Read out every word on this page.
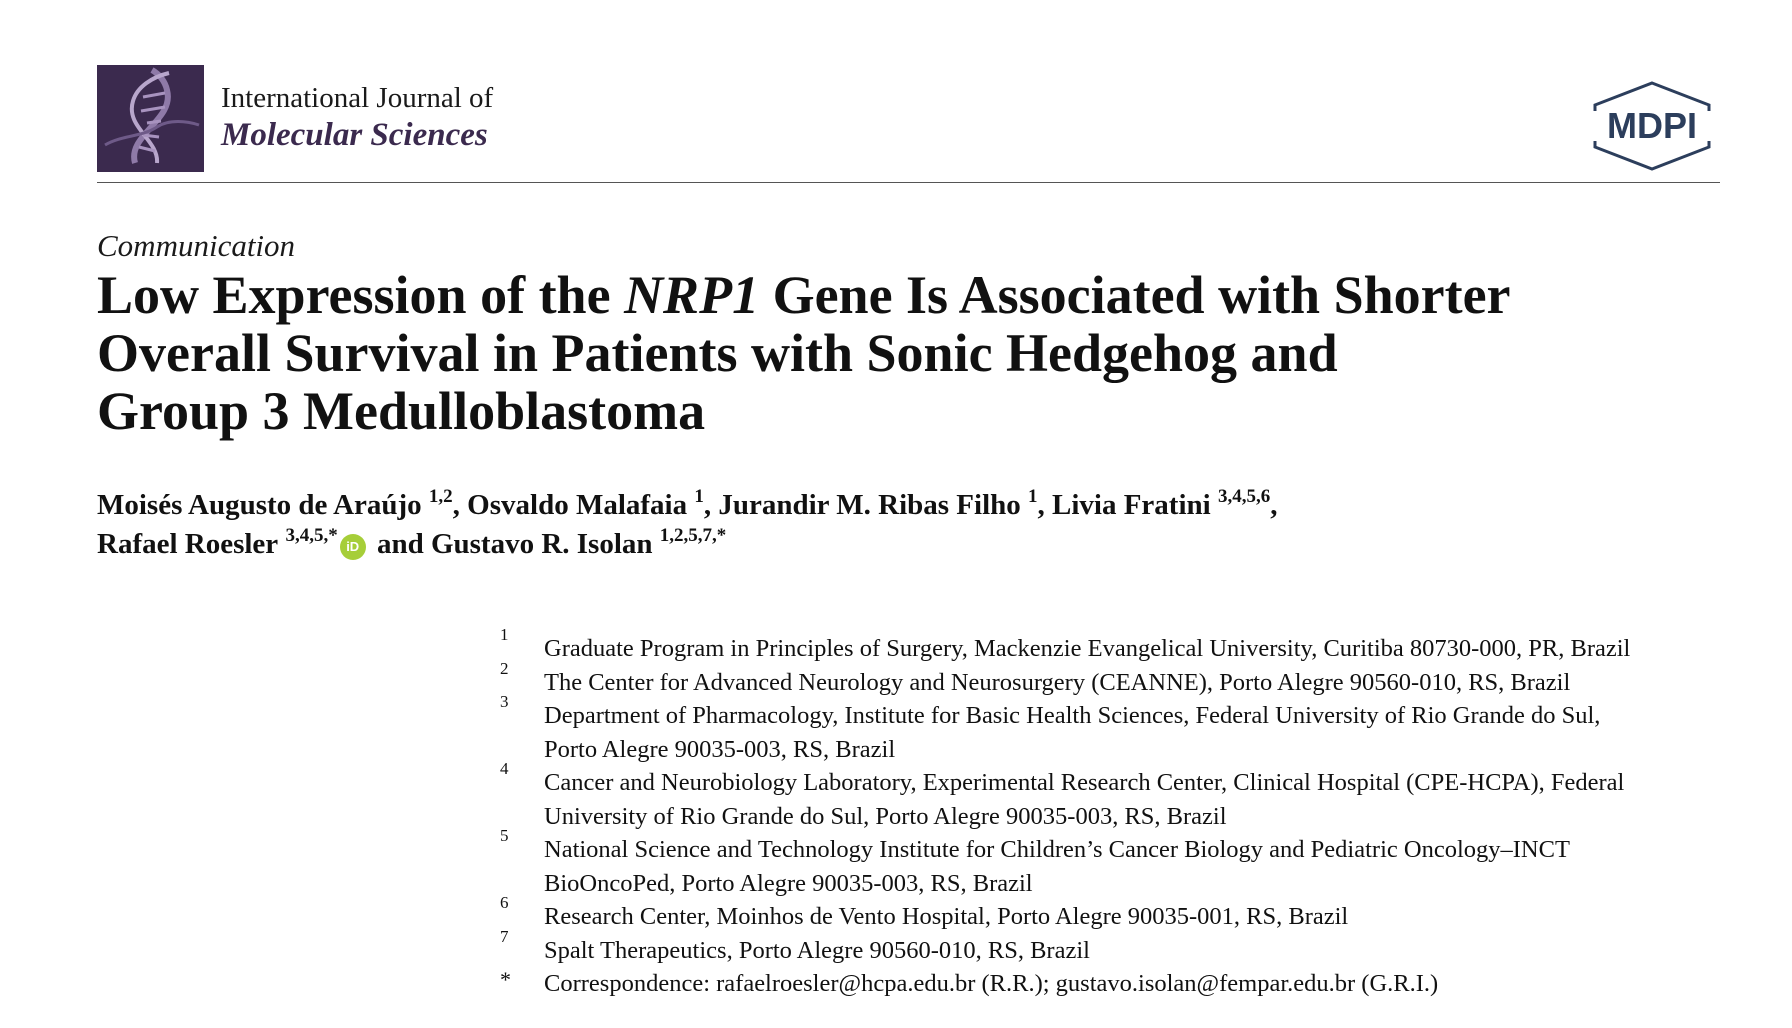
International Journal of
Molecular Sciences	MDPI
Communication
Low Expression of the NRP1 Gene Is Associated with Shorter
Overall Survival in Patients with Sonic Hedgehog and
Group 3 Medulloblastoma
Moisés Augusto de Araújo $^{1,2}$, Osvaldo Malafaia $^1$, Jurandir M. Ribas Filho $^1$, Livia Fratini $^{3,4,5,6}$,
Rafael Roesler $^{3,4,5,*}$iD and Gustavo R. Isolan $^{1,2,5,7,*}$
1
Graduate Program in Principles of Surgery, Mackenzie Evangelical University, Curitiba 80730-000, PR, Brazil
2
The Center for Advanced Neurology and Neurosurgery (CEANNE), Porto Alegre 90560-010, RS, Brazil
3
Department of Pharmacology, Institute for Basic Health Sciences, Federal University of Rio Grande do Sul,
Porto Alegre 90035-003, RS, Brazil
4
Cancer and Neurobiology Laboratory, Experimental Research Center, Clinical Hospital (CPE-HCPA), Federal
University of Rio Grande do Sul, Porto Alegre 90035-003, RS, Brazil
5
National Science and Technology Institute for Children’s Cancer Biology and Pediatric Oncology–INCT
BioOncoPed, Porto Alegre 90035-003, RS, Brazil
6
Research Center, Moinhos de Vento Hospital, Porto Alegre 90035-001, RS, Brazil
7
Spalt Therapeutics, Porto Alegre 90560-010, RS, Brazil
* Correspondence: rafaelroesler@hcpa.edu.br (R.R.); gustavo.isolan@fempar.edu.br (G.R.I.)
